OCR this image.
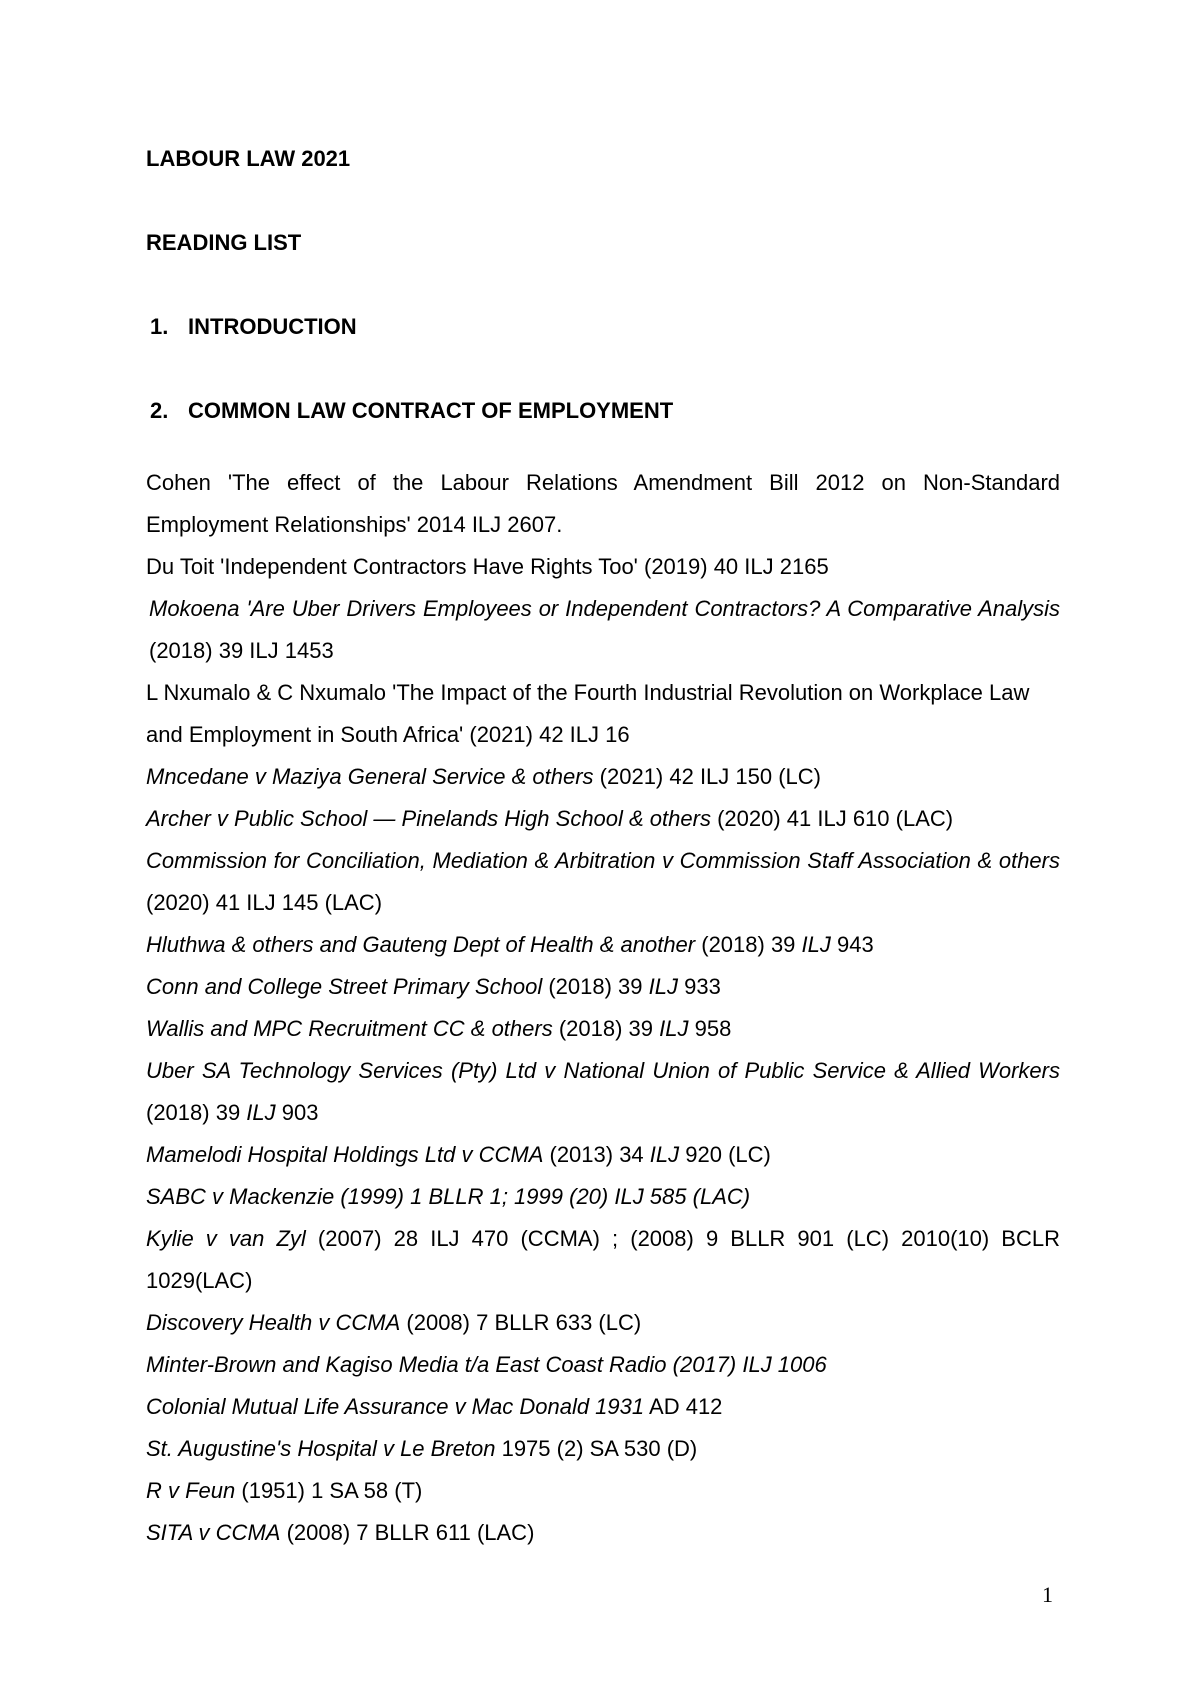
LABOUR LAW 2021

READING LIST

1. INTRODUCTION

2. COMMON LAW CONTRACT OF EMPLOYMENT

Cohen 'The effect of the Labour Relations Amendment Bill 2012 on Non-Standard Employment Relationships' 2014 ILJ 2607.

Du Toit 'Independent Contractors Have Rights Too' (2019) 40 ILJ 2165

Mokoena 'Are Uber Drivers Employees or Independent Contractors? A Comparative Analysis (2018) 39 ILJ 1453

L Nxumalo & C Nxumalo 'The Impact of the Fourth Industrial Revolution on Workplace Law and Employment in South Africa' (2021) 42 ILJ 16

Mncedane v Maziya General Service & others (2021) 42 ILJ 150 (LC)

Archer v Public School — Pinelands High School & others (2020) 41 ILJ 610 (LAC)

Commission for Conciliation, Mediation & Arbitration v Commission Staff Association & others (2020) 41 ILJ 145 (LAC)

Hluthwa & others and Gauteng Dept of Health & another (2018) 39 ILJ 943

Conn and College Street Primary School (2018) 39 ILJ 933

Wallis and MPC Recruitment CC & others (2018) 39 ILJ 958

Uber SA Technology Services (Pty) Ltd v National Union of Public Service & Allied Workers (2018) 39 ILJ 903

Mamelodi Hospital Holdings Ltd v CCMA (2013) 34 ILJ 920 (LC)

SABC v Mackenzie (1999) 1 BLLR 1; 1999 (20) ILJ 585 (LAC)

Kylie v van Zyl (2007) 28 ILJ 470 (CCMA) ; (2008) 9 BLLR 901 (LC) 2010(10) BCLR 1029(LAC)

Discovery Health v CCMA (2008) 7 BLLR 633 (LC)

Minter-Brown and Kagiso Media t/a East Coast Radio (2017) ILJ 1006

Colonial Mutual Life Assurance v Mac Donald 1931 AD 412

St. Augustine's Hospital v Le Breton 1975 (2) SA 530 (D)

R v Feun (1951) 1 SA 58 (T)

SITA v CCMA (2008) 7 BLLR 611 (LAC)

1
